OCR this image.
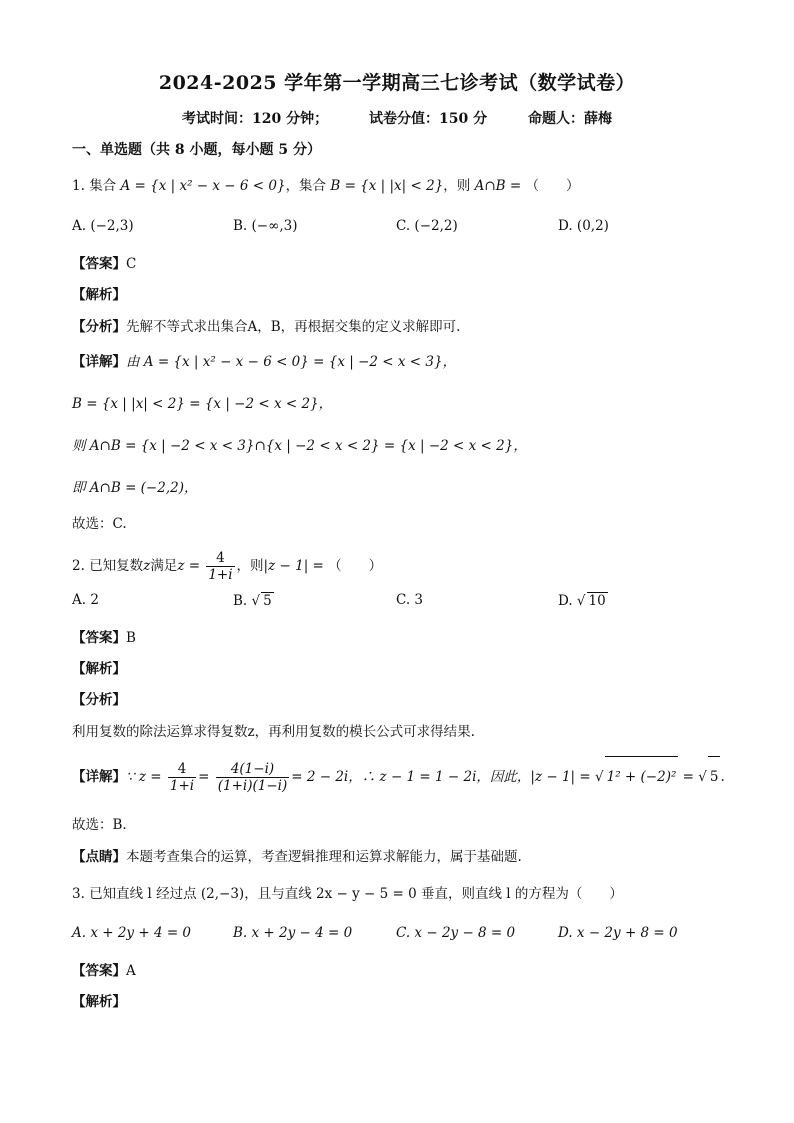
2024-2025 学年第一学期高三七诊考试（数学试卷）
考试时间：120 分钟；	试卷分值：150 分	命题人：薛梅
一、单选题（共 8 小题，每小题 5 分）
1. 集合 A = {x | x² − x − 6 < 0}，集合 B = {x | |x| < 2}，则 A∩B = （　　）
A. (−2,3)	B. (−∞,3)	C. (−2,2)	D. (0,2)
【答案】C
【解析】
【分析】先解不等式求出集合A，B，再根据交集的定义求解即可.
【详解】由 A = {x | x² − x − 6 < 0} = {x | −2 < x < 3}，
B = {x | |x| < 2} = {x | −2 < x < 2}，
则 A∩B = {x | −2 < x < 3}∩{x | −2 < x < 2} = {x | −2 < x < 2}，
即 A∩B = (−2,2)，
故选：C.
2. 已知复数z满足$z = \frac{4}{1+i}$ ，则|z − 1| = （　　）
A. 2	B. √ 5	C. 3	D. √ 10
【答案】B
【解析】
【分析】
利用复数的除法运算求得复数z，再利用复数的模长公式可求得结果.
【详解】∵ $z = \frac{4}{1+i} = \frac{4(1-i)}{(1+i)(1-i)} = 2 - 2i$，∴ z − 1 = 1 − 2i，因此，|z − 1| = √ 1² + (−2)² = √ 5 .
故选：B.
【点睛】本题考查集合的运算，考查逻辑推理和运算求解能力，属于基础题.
3. 已知直线 l 经过点 (2,−3)，且与直线 2x − y − 5 = 0 垂直，则直线 l 的方程为（　　）
A. x + 2y + 4 = 0	B. x + 2y − 4 = 0	C. x − 2y − 8 = 0	D. x − 2y + 8 = 0
【答案】A
【解析】
